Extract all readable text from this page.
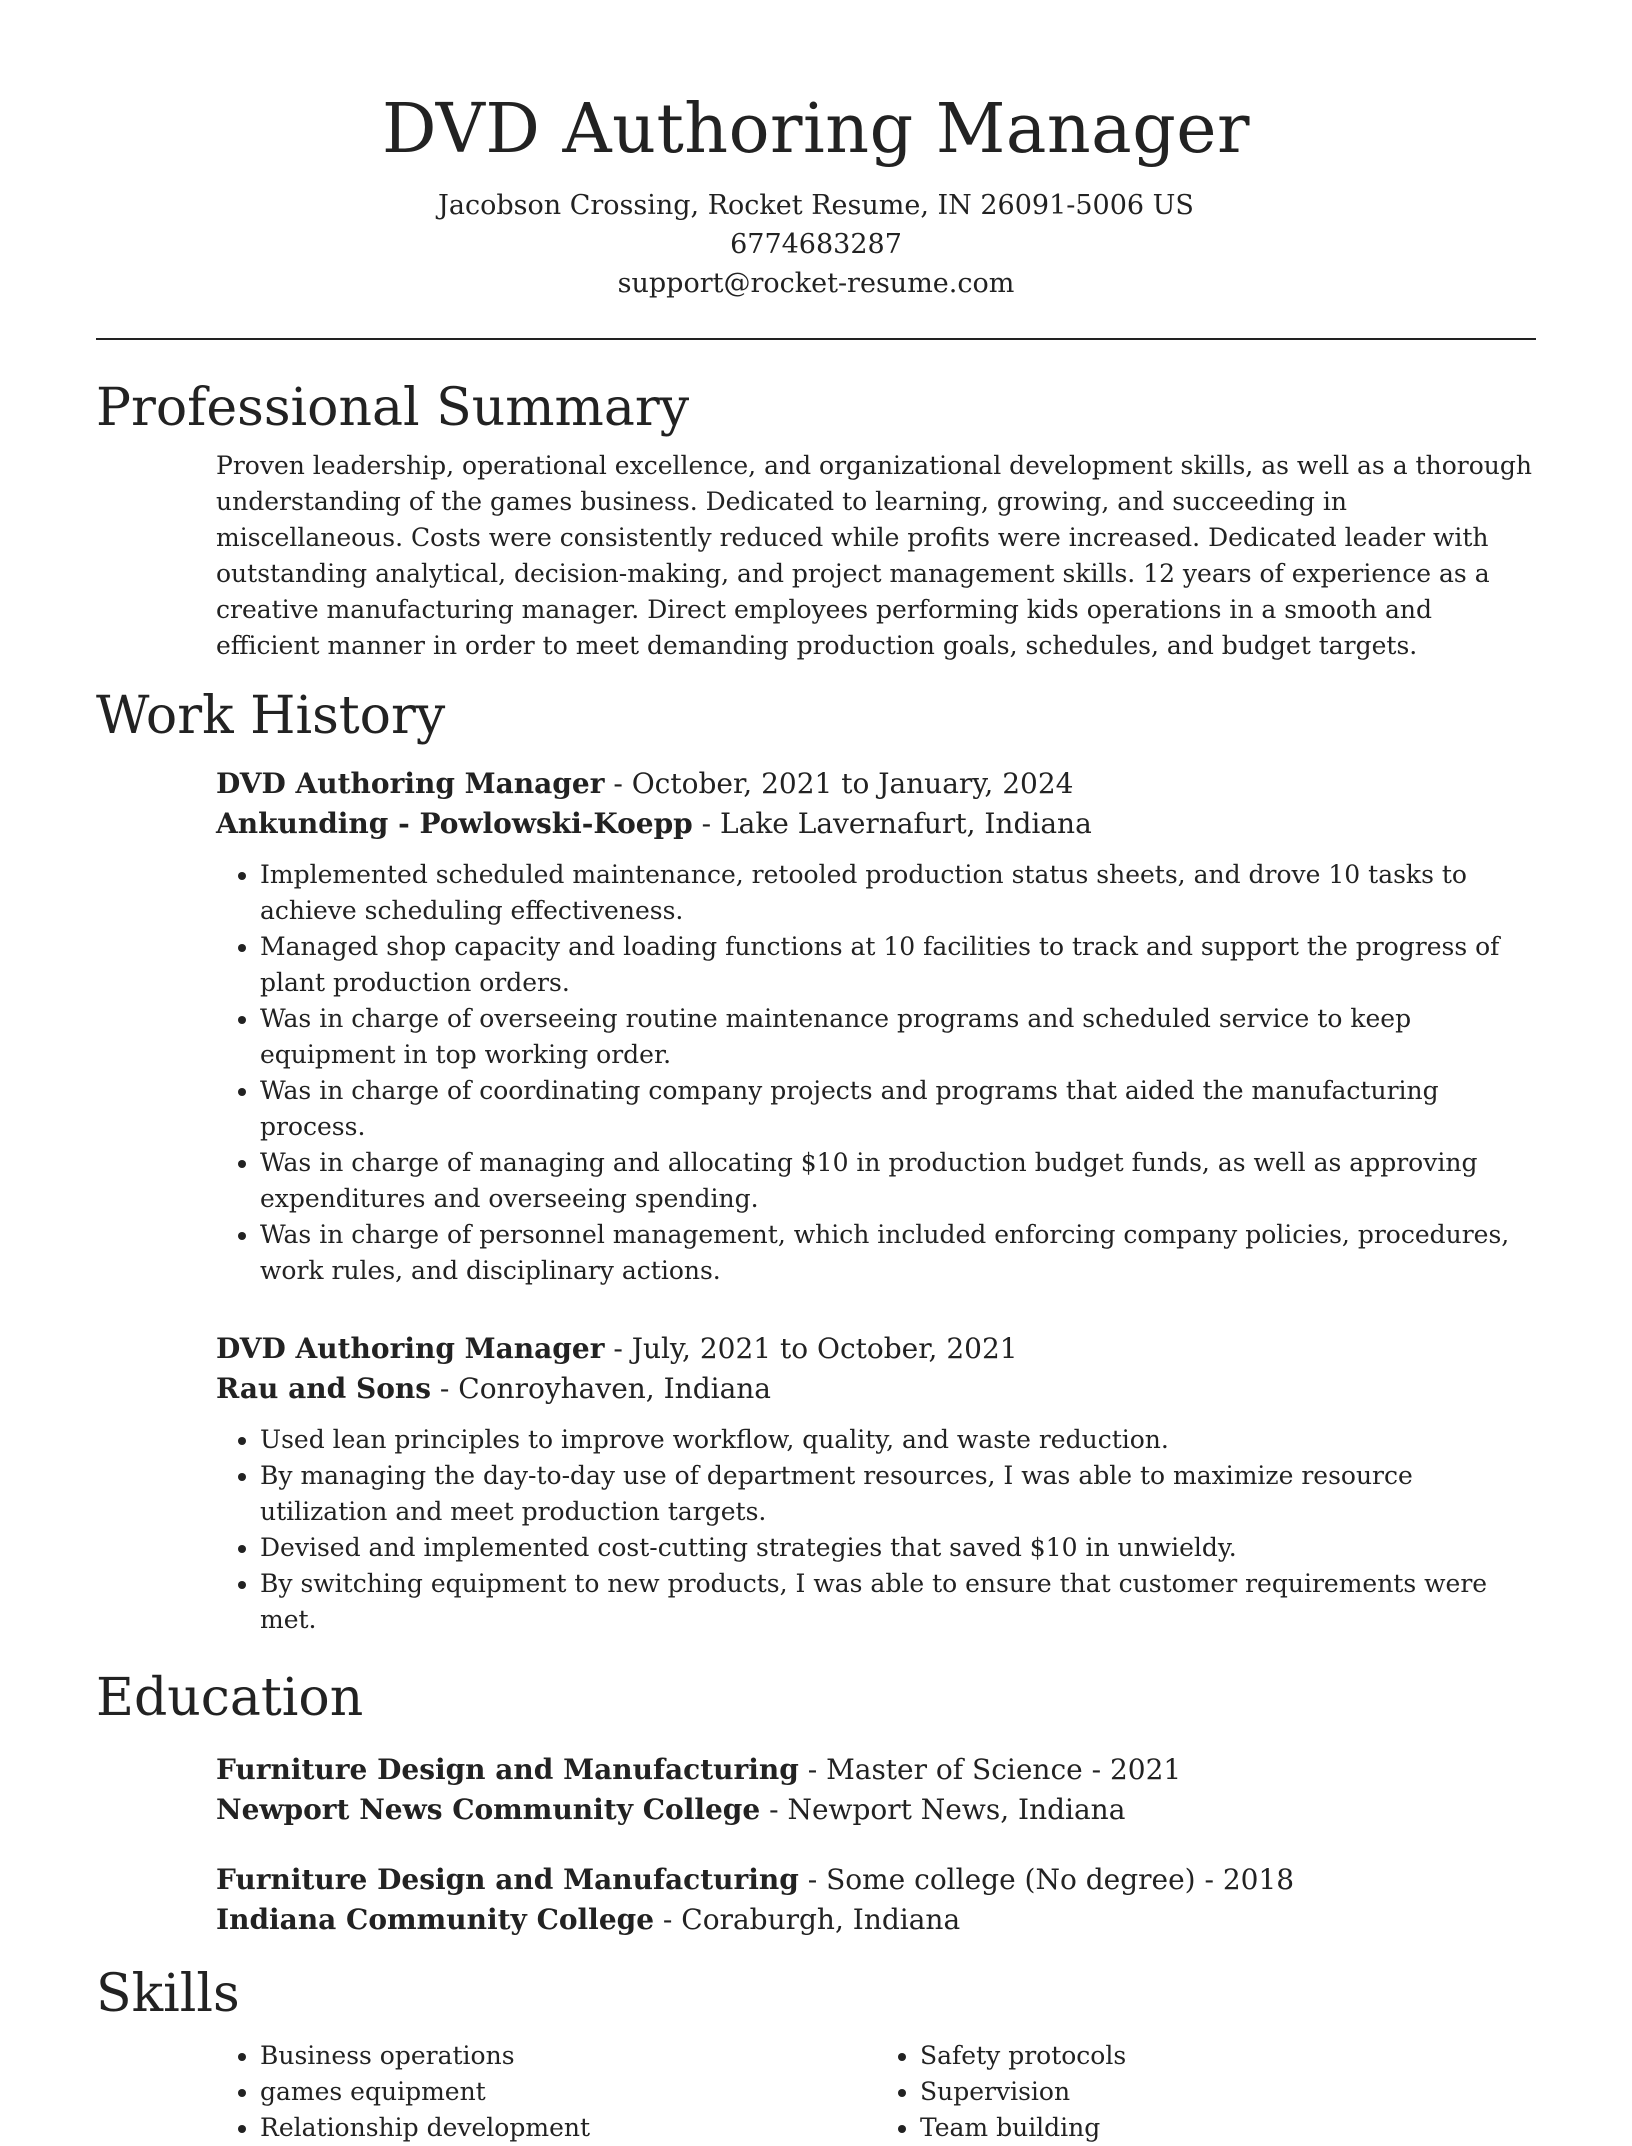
DVD Authoring Manager
Jacobson Crossing, Rocket Resume, IN 26091-5006 US
6774683287
support@rocket-resume.com
Professional Summary
Proven leadership, operational excellence, and organizational development skills, as well as a thorough understanding of the games business. Dedicated to learning, growing, and succeeding in miscellaneous. Costs were consistently reduced while profits were increased. Dedicated leader with outstanding analytical, decision-making, and project management skills. 12 years of experience as a creative manufacturing manager. Direct employees performing kids operations in a smooth and efficient manner in order to meet demanding production goals, schedules, and budget targets.
Work History
DVD Authoring Manager - October, 2021 to January, 2024
Ankunding - Powlowski-Koepp - Lake Lavernafurt, Indiana
• Implemented scheduled maintenance, retooled production status sheets, and drove 10 tasks to achieve scheduling effectiveness.
• Managed shop capacity and loading functions at 10 facilities to track and support the progress of plant production orders.
• Was in charge of overseeing routine maintenance programs and scheduled service to keep equipment in top working order.
• Was in charge of coordinating company projects and programs that aided the manufacturing process.
• Was in charge of managing and allocating $10 in production budget funds, as well as approving expenditures and overseeing spending.
• Was in charge of personnel management, which included enforcing company policies, procedures, work rules, and disciplinary actions.
DVD Authoring Manager - July, 2021 to October, 2021
Rau and Sons - Conroyhaven, Indiana
• Used lean principles to improve workflow, quality, and waste reduction.
• By managing the day-to-day use of department resources, I was able to maximize resource utilization and meet production targets.
• Devised and implemented cost-cutting strategies that saved $10 in unwieldy.
• By switching equipment to new products, I was able to ensure that customer requirements were met.
Education
Furniture Design and Manufacturing - Master of Science - 2021
Newport News Community College - Newport News, Indiana
Furniture Design and Manufacturing - Some college (No degree) - 2018
Indiana Community College - Coraburgh, Indiana
Skills
• Business operations
• games equipment
• Relationship development
• Safety protocols
• Supervision
• Team building
